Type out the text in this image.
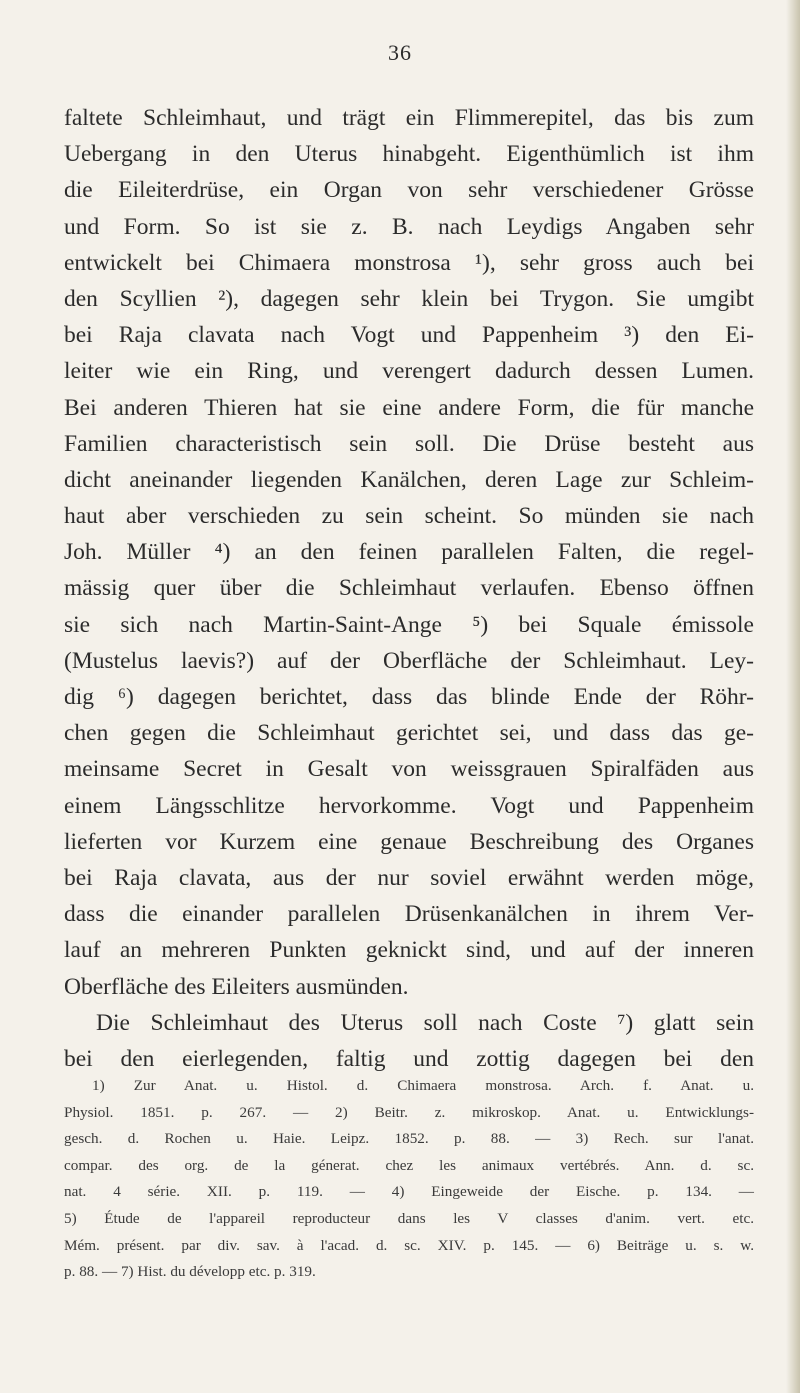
36
faltete Schleimhaut, und trägt ein Flimmerepitel, das bis zum
Uebergang in den Uterus hinabgeht. Eigenthümlich ist ihm
die Eileiterdrüse, ein Organ von sehr verschiedener Grösse
und Form. So ist sie z. B. nach Leydigs Angaben sehr
entwickelt bei Chimaera monstrosa ¹), sehr gross auch bei
den Scyllien ²), dagegen sehr klein bei Trygon. Sie umgibt
bei Raja clavata nach Vogt und Pappenheim ³) den Ei-
leiter wie ein Ring, und verengert dadurch dessen Lumen.
Bei anderen Thieren hat sie eine andere Form, die für manche
Familien characteristisch sein soll. Die Drüse besteht aus
dicht aneinander liegenden Kanälchen, deren Lage zur Schleim-
haut aber verschieden zu sein scheint. So münden sie nach
Joh. Müller ⁴) an den feinen parallelen Falten, die regel-
mässig quer über die Schleimhaut verlaufen. Ebenso öffnen
sie sich nach Martin-Saint-Ange ⁵) bei Squale émissole
(Mustelus laevis?) auf der Oberfläche der Schleimhaut. Ley-
dig ⁶) dagegen berichtet, dass das blinde Ende der Röhr-
chen gegen die Schleimhaut gerichtet sei, und dass das ge-
meinsame Secret in Gesalt von weissgrauen Spiralfäden aus
einem Längsschlitze hervorkomme. Vogt und Pappenheim
lieferten vor Kurzem eine genaue Beschreibung des Organes
bei Raja clavata, aus der nur soviel erwähnt werden möge,
dass die einander parallelen Drüsenkanälchen in ihrem Ver-
lauf an mehreren Punkten geknickt sind, und auf der inneren
Oberfläche des Eileiters ausmünden.
Die Schleimhaut des Uterus soll nach Coste ⁷) glatt sein
bei den eierlegenden, faltig und zottig dagegen bei den
1) Zur Anat. u. Histol. d. Chimaera monstrosa. Arch. f. Anat. u.
Physiol. 1851. p. 267. — 2) Beitr. z. mikroskop. Anat. u. Entwicklungs-
gesch. d. Rochen u. Haie. Leipz. 1852. p. 88. — 3) Rech. sur l'anat.
compar. des org. de la génerat. chez les animaux vertébrés. Ann. d. sc.
nat. 4 série. XII. p. 119. — 4) Eingeweide der Eische. p. 134. —
5) Étude de l'appareil reproducteur dans les V classes d'anim. vert. etc.
Mém. présent. par div. sav. à l'acad. d. sc. XIV. p. 145. — 6) Beiträge u. s. w.
p. 88. — 7) Hist. du développ etc. p. 319.
